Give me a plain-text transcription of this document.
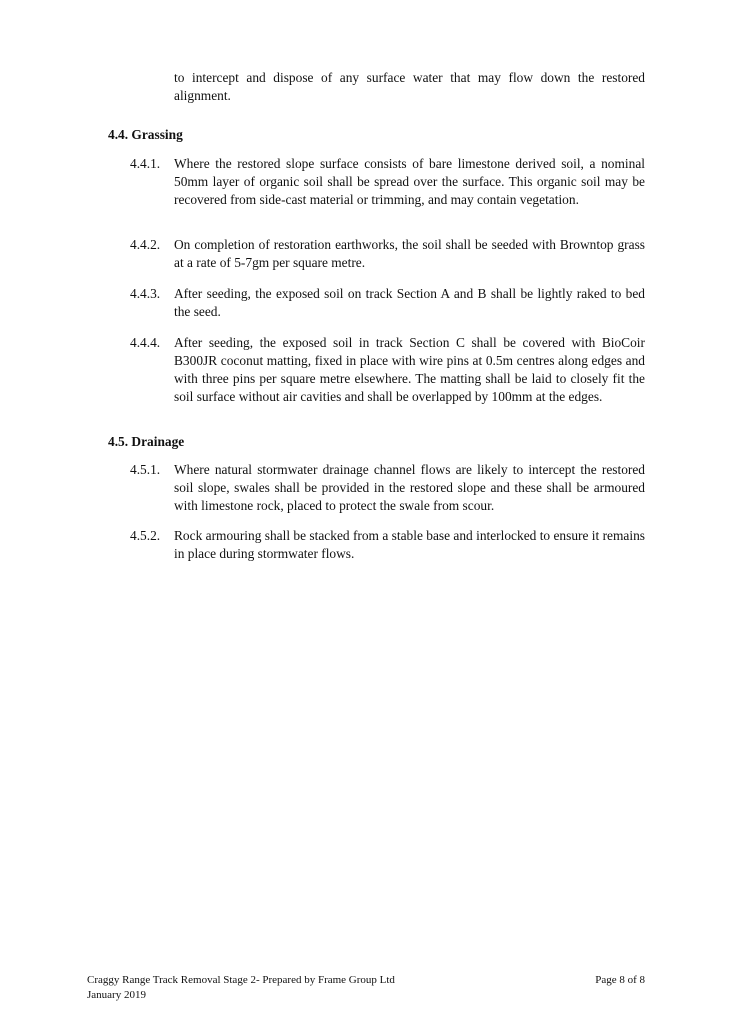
to intercept and dispose of any surface water that may flow down the restored alignment.
4.4. Grassing
4.4.1.	Where the restored slope surface consists of bare limestone derived soil, a nominal 50mm layer of organic soil shall be spread over the surface. This organic soil may be recovered from side-cast material or trimming, and may contain vegetation.
4.4.2.	On completion of restoration earthworks, the soil shall be seeded with Browntop grass at a rate of 5-7gm per square metre.
4.4.3.	After seeding, the exposed soil on track Section A and B shall be lightly raked to bed the seed.
4.4.4.	After seeding, the exposed soil in track Section C shall be covered with BioCoir B300JR coconut matting, fixed in place with wire pins at 0.5m centres along edges and with three pins per square metre elsewhere. The matting shall be laid to closely fit the soil surface without air cavities and shall be overlapped by 100mm at the edges.
4.5. Drainage
4.5.1.	Where natural stormwater drainage channel flows are likely to intercept the restored soil slope, swales shall be provided in the restored slope and these shall be armoured with limestone rock, placed to protect the swale from scour.
4.5.2.	Rock armouring shall be stacked from a stable base and interlocked to ensure it remains in place during stormwater flows.
Craggy Range Track Removal Stage 2- Prepared by Frame Group Ltd	Page 8 of 8
January 2019
